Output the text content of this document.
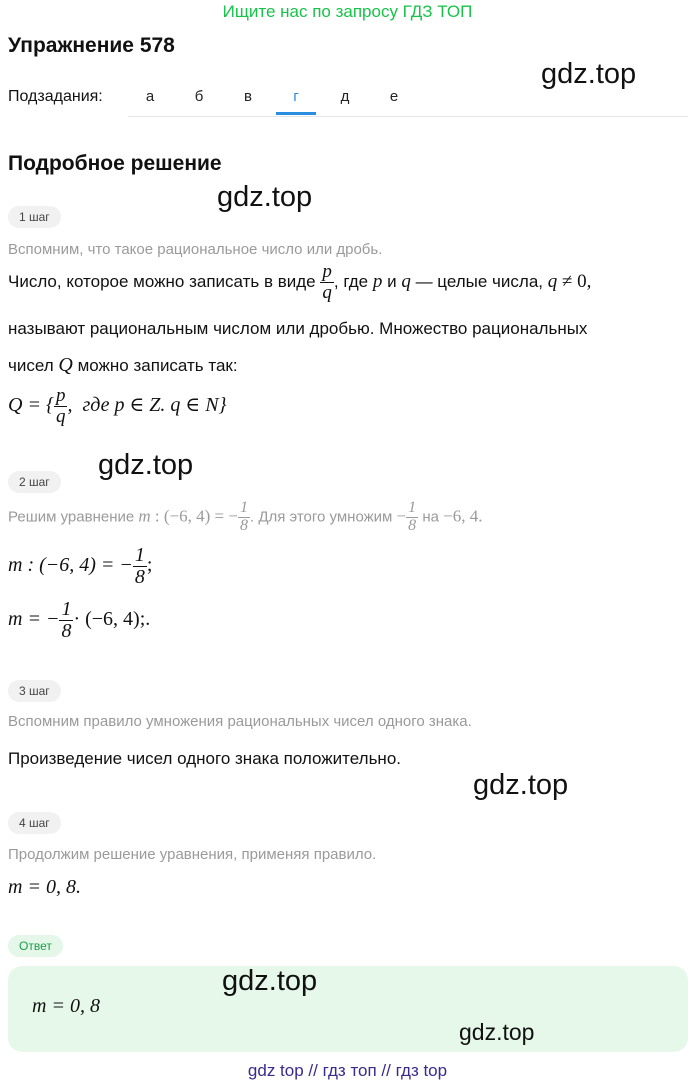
Ищите нас по запросу ГДЗ ТОП
Упражнение 578
gdz.top
Подзадания:	а	б	в	г	д	е
Подробное решение
gdz.top
1 шаг
Вспомним, что такое рациональное число или дробь.
Число, которое можно записать в виде $\frac{p}{q}$ , где p и q — целые числа, q ≠ 0,
называют рациональным числом или дробью. Множество рациональных
чисел Q можно записать так:
Q = { $\frac{p}{q}$ ,  где p ∈ Z. q ∈ N}
gdz.top
2 шаг
Решим уравнение m : (−6, 4) = − $\frac{1}{8}$ . Для этого умножим − $\frac{1}{8}$ на −6, 4.
m : (−6, 4) = − $\frac{1}{8}$ ;
m = − $\frac{1}{8} \cdot (-6$, 4);.
3 шаг
Вспомним правило умножения рациональных чисел одного знака.
Произведение чисел одного знака положительно.
gdz.top
4 шаг
Продолжим решение уравнения, применяя правило.
m = 0, 8.
Ответ
m = 0, 8
gdz.top
gdz.top
gdz top // гдз топ // гдз top
